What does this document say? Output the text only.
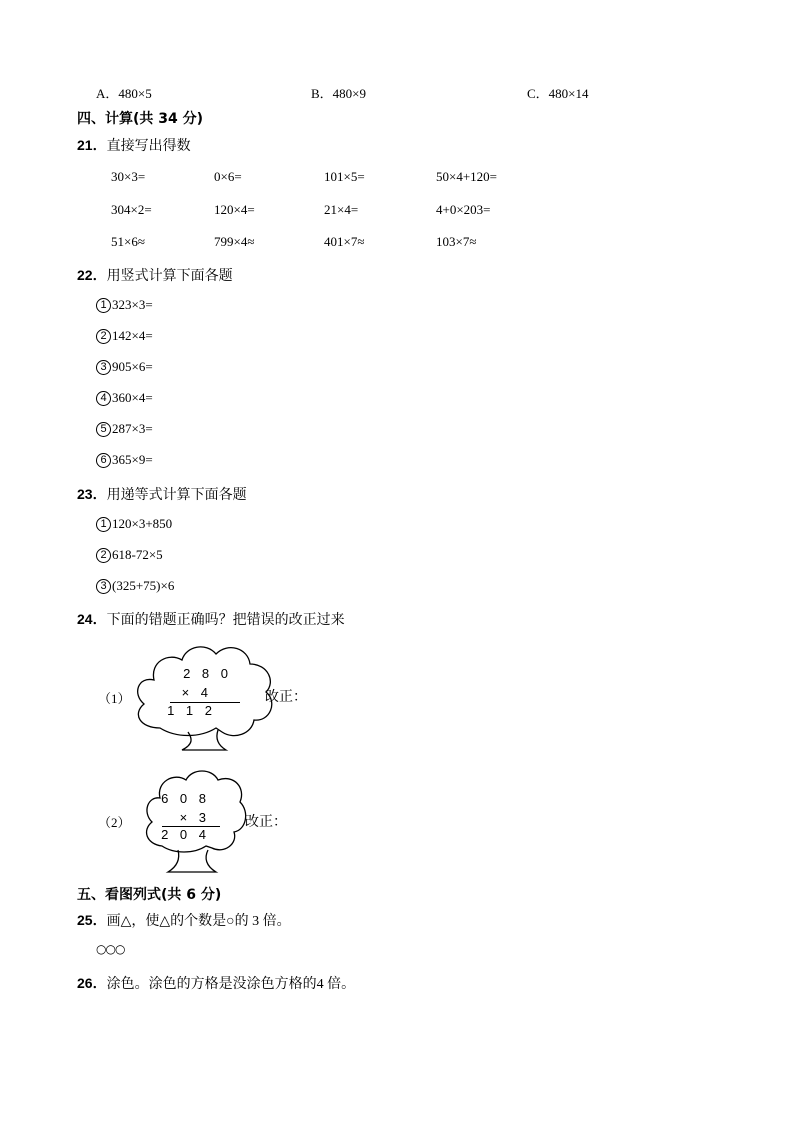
A．480×5	B．480×9	C．480×14
四、计算(共 34 分)
21．直接写出得数
30×3=	0×6=	101×5=	50×4+120=
304×2=	120×4=	21×4=	4+0×203=
51×6≈	799×4≈	401×7≈	103×7≈
22．用竖式计算下面各题
1 323×3=
2 142×4=
3 905×6=
4 360×4=
5 287×3=
6 365×9=
23．用递等式计算下面各题
1 120×3+850
2 618-72×5
3 (325+75)×6
24．下面的错题正确吗？把错误的改正过来
（1）
2 8 0
× 4
1 1 2
改正：
（2）
6 0 8
× 3
2 0 4
改正：
五、看图列式(共 6 分)
25．画△，使△的个数是○的 3 倍。
○○○
26．涂色。涂色的方格是没涂色方格的4 倍。
